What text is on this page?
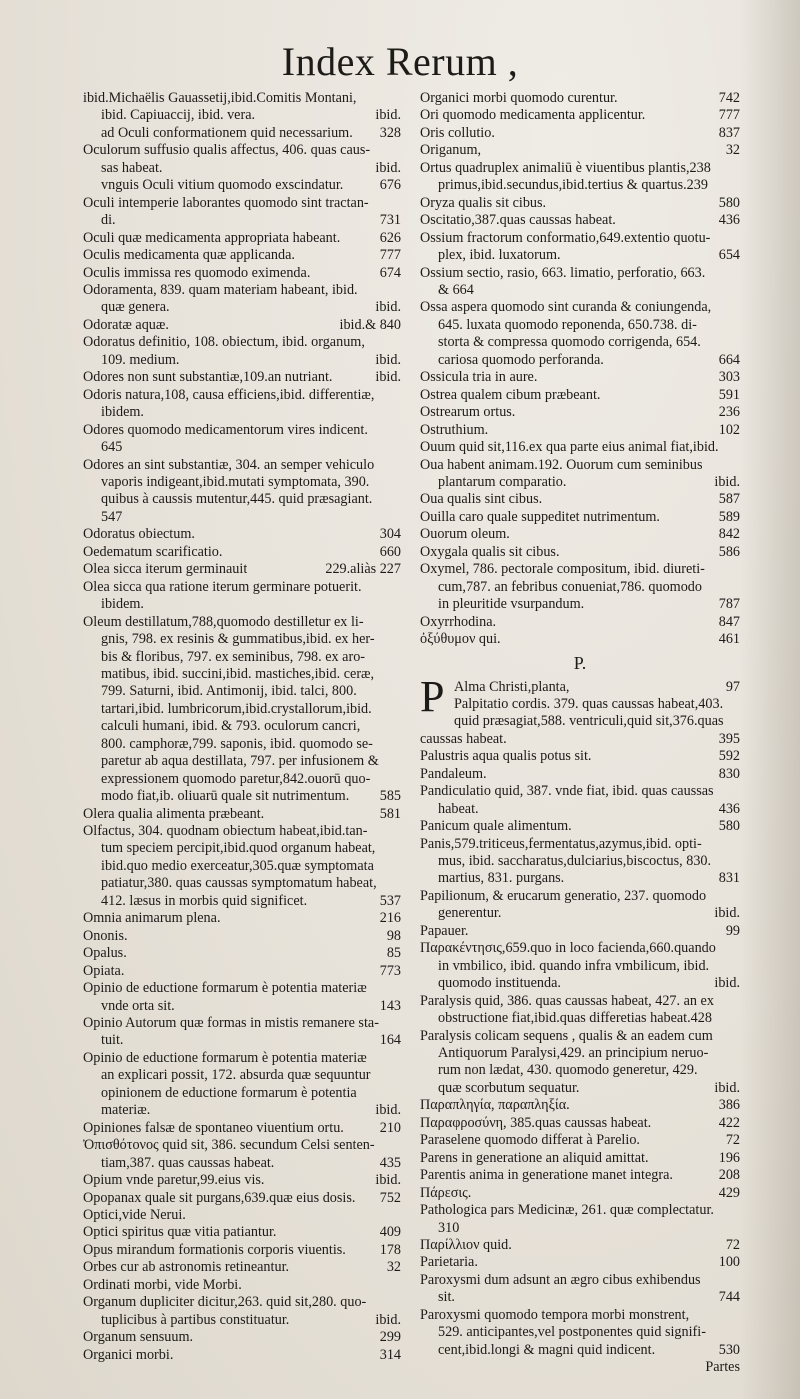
Index Rerum ,
ibid.Michaëlis Gauassetij,ibid.Comitis Montani,
ibid. Capiuaccij, ibid. vera.	ibid.
ad Oculi conformationem quid necessarium.	328
Oculorum suffusio qualis affectus, 406. quas caus-
sas habeat.	ibid.
vnguis Oculi vitium quomodo exscindatur.	676
Oculi intemperie laborantes quomodo sint tractan-
di.	731
Oculi quæ medicamenta appropriata habeant.	626
Oculis medicamenta quæ applicanda.	777
Oculis immissa res quomodo eximenda.	674
Odoramenta, 839. quam materiam habeant, ibid.
quæ genera.	ibid.
Odoratæ aquæ.	ibid.& 840
Odoratus definitio, 108. obiectum, ibid. organum,
109. medium.	ibid.
Odores non sunt substantiæ,109.an nutriant.	ibid.
Odoris natura,108, causa efficiens,ibid. differentiæ,
ibidem.
Odores quomodo medicamentorum vires indicent.
645
Odores an sint substantiæ, 304. an semper vehiculo
vaporis indigeant,ibid.mutati symptomata, 390.
quibus à caussis mutentur,445. quid præsagiant.
547
Odoratus obiectum.	304
Oedematum scarificatio.	660
Olea sicca iterum germinauit	229.aliàs 227
Olea sicca qua ratione iterum germinare potuerit.
ibidem.
Oleum destillatum,788,quomodo destilletur ex li-
gnis, 798. ex resinis & gummatibus,ibid. ex her-
bis & floribus, 797. ex seminibus, 798. ex aro-
matibus, ibid. succini,ibid. mastiches,ibid. ceræ,
799. Saturni, ibid. Antimonij, ibid. talci, 800.
tartari,ibid. lumbricorum,ibid.crystallorum,ibid.
calculi humani, ibid. & 793. oculorum cancri,
800. camphoræ,799. saponis, ibid. quomodo se-
paretur ab aqua destillata, 797. per infusionem &
expressionem quomodo paretur,842.ouorū quo-
modo fiat,ib. oliuarū quale sit nutrimentum.	585
Olera qualia alimenta præbeant.	581
Olfactus, 304. quodnam obiectum habeat,ibid.tan-
tum speciem percipit,ibid.quod organum habeat,
ibid.quo medio exerceatur,305.quæ symptomata
patiatur,380. quas caussas symptomatum habeat,
412. læsus in morbis quid significet.	537
Omnia animarum plena.	216
Ononis.	98
Opalus.	85
Opiata.	773
Opinio de eductione formarum è potentia materiæ
vnde orta sit.	143
Opinio Autorum quæ formas in mistis remanere sta-
tuit.	164
Opinio de eductione formarum è potentia materiæ
an explicari possit, 172. absurda quæ sequuntur
opinionem de eductione formarum è potentia
materiæ.	ibid.
Opiniones falsæ de spontaneo viuentium ortu.	210
Ὀπισθότονος quid sit, 386. secundum Celsi senten-
tiam,387. quas caussas habeat.	435
Opium vnde paretur,99.eius vis.	ibid.
Opopanax quale sit purgans,639.quæ eius dosis.	752
Optici,vide Nerui.
Optici spiritus quæ vitia patiantur.	409
Opus mirandum formationis corporis viuentis.	178
Orbes cur ab astronomis retineantur.	32
Ordinati morbi, vide Morbi.
Organum dupliciter dicitur,263. quid sit,280. quo-
tuplicibus à partibus constituatur.	ibid.
Organum sensuum.	299
Organici morbi.	314
Organici morbi quomodo curentur.	742
Ori quomodo medicamenta applicentur.	777
Oris collutio.	837
Origanum,	32
Ortus quadruplex animaliū è viuentibus plantis,238
primus,ibid.secundus,ibid.tertius & quartus.239
Oryza qualis sit cibus.	580
Oscitatio,387.quas caussas habeat.	436
Ossium fractorum conformatio,649.extentio quotu-
plex, ibid. luxatorum.	654
Ossium sectio, rasio, 663. limatio, perforatio, 663.
& 664
Ossa aspera quomodo sint curanda & coniungenda,
645. luxata quomodo reponenda, 650.738. di-
storta & compressa quomodo corrigenda, 654.
cariosa quomodo perforanda.	664
Ossicula tria in aure.	303
Ostrea qualem cibum præbeant.	591
Ostrearum ortus.	236
Ostruthium.	102
Ouum quid sit,116.ex qua parte eius animal fiat,ibid.
Oua habent animam.192. Ouorum cum seminibus
plantarum comparatio.	ibid.
Oua qualis sint cibus.	587
Ouilla caro quale suppeditet nutrimentum.	589
Ouorum oleum.	842
Oxygala qualis sit cibus.	586
Oxymel, 786. pectorale compositum, ibid. diureti-
cum,787. an febribus conueniat,786. quomodo
in pleuritide vsurpandum.	787
Oxyrrhodina.	847
ὀξύθυμον qui.	461
P.
P Alma Christi,planta,	97
Palpitatio cordis. 379. quas caussas habeat,403.
quid præsagiat,588. ventriculi,quid sit,376.quas
caussas habeat.	395
Palustris aqua qualis potus sit.	592
Pandaleum.	830
Pandiculatio quid, 387. vnde fiat, ibid. quas caussas
habeat.	436
Panicum quale alimentum.	580
Panis,579.triticeus,fermentatus,azymus,ibid. opti-
mus, ibid. saccharatus,dulciarius,biscoctus, 830.
martius, 831. purgans.	831
Papilionum, & erucarum generatio, 237. quomodo
generentur.	ibid.
Papauer.	99
Παρακέντησις,659.quo in loco facienda,660.quando
in vmbilico, ibid. quando infra vmbilicum, ibid.
quomodo instituenda.	ibid.
Paralysis quid, 386. quas caussas habeat, 427. an ex
obstructione fiat,ibid.quas differetias habeat.428
Paralysis colicam sequens , qualis & an eadem cum
Antiquorum Paralysi,429. an principium neruo-
rum non lædat, 430. quomodo generetur, 429.
quæ scorbutum sequatur.	ibid.
Παραπληγία, παραπληξία.	386
Παραφροσύνη, 385.quas caussas habeat.	422
Paraselene quomodo differat à Parelio.	72
Parens in generatione an aliquid amittat.	196
Parentis anima in generatione manet integra.	208
Πάρεσις.	429
Pathologica pars Medicinæ, 261. quæ complectatur.
310
Παρίλλιον quid.	72
Parietaria.	100
Paroxysmi dum adsunt an ægro cibus exhibendus
sit.	744
Paroxysmi quomodo tempora morbi monstrent,
529. anticipantes,vel postponentes quid signifi-
cent,ibid.longi & magni quid indicent.	530
Partes
